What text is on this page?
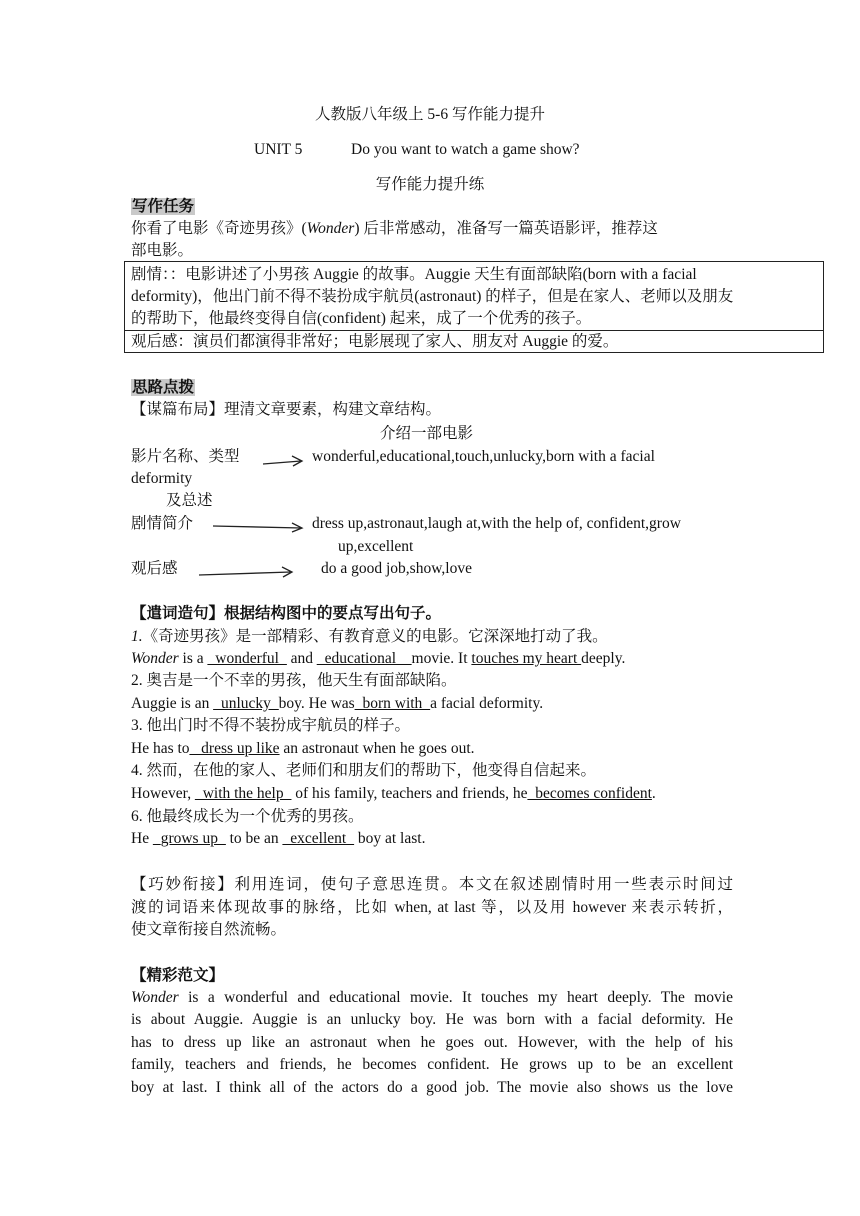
人教版八年级上 5-6 写作能力提升
UNIT 5	Do you want to watch a game show?
写作能力提升练
写作任务
你看了电影《奇迹男孩》(Wonder) 后非常感动，准备写一篇英语影评，推荐这
部电影。
剧情：：电影讲述了小男孩 Auggie 的故事。Auggie 天生有面部缺陷(born with a facial
deformity)，他出门前不得不装扮成宇航员(astronaut) 的样子，但是在家人、老师以及朋友
的帮助下，他最终变得自信(confident) 起来，成了一个优秀的孩子。
观后感：演员们都演得非常好；电影展现了家人、朋友对 Auggie 的爱。
思路点拨
【谋篇布局】理清文章要素，构建文章结构。
介绍一部电影
影片名称、类型	wonderful,educational,touch,unlucky,born with a facial
deformity
及总述
剧情简介	dress up,astronaut,laugh at,with the help of, confident,grow
up,excellent
观后感	do a good job,show,love
【遣词造句】根据结构图中的要点写出句子。
1.《奇迹男孩》是一部精彩、有教育意义的电影。它深深地打动了我。
Wonder is a _wonderful_ and _educational__movie. It touches my heart deeply.
2. 奥吉是一个不幸的男孩，他天生有面部缺陷。
Auggie is an _unlucky_boy. He was_born with_a facial deformity.
3. 他出门时不得不装扮成宇航员的样子。
He has to_ dress up like an astronaut when he goes out.
4. 然而，在他的家人、老师们和朋友们的帮助下，他变得自信起来。
However, _with the help_ of his family, teachers and friends, he_becomes confident.
6. 他最终成长为一个优秀的男孩。
He _grows up_ to be an _excellent_ boy at last.
【巧妙衔接】利用连词，使句子意思连贯。本文在叙述剧情时用一些表示时间过
渡的词语来体现故事的脉络，比如 when, at last 等，以及用 however 来表示转折，
使文章衔接自然流畅。
【精彩范文】
Wonder is a wonderful and educational movie. It touches my heart deeply. The movie
is about Auggie. Auggie is an unlucky boy. He was born with a facial deformity. He
has to dress up like an astronaut when he goes out. However, with the help of his
family, teachers and friends, he becomes confident. He grows up to be an excellent
boy at last. I think all of the actors do a good job. The movie also shows us the love
